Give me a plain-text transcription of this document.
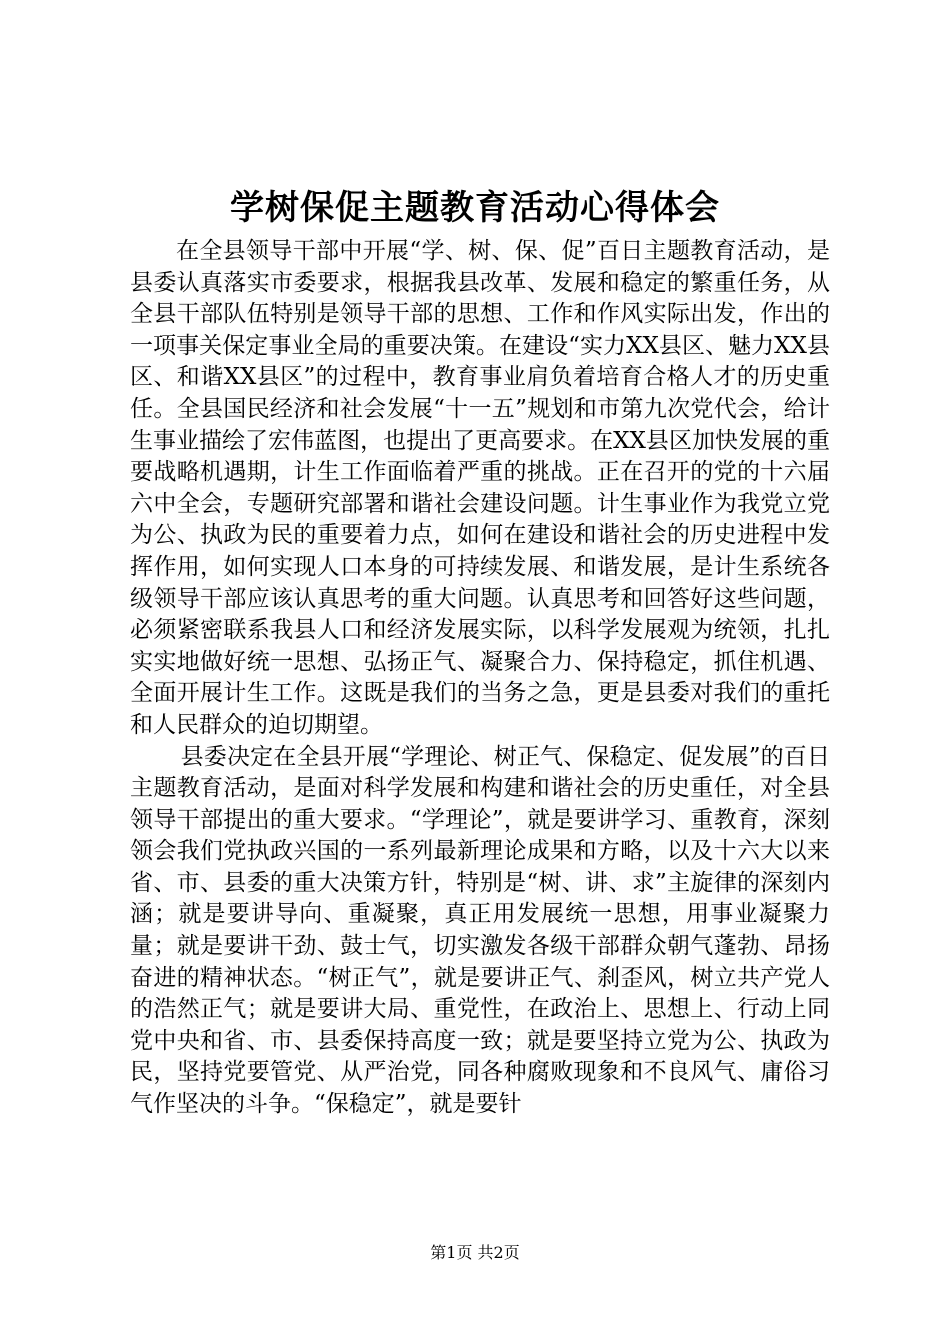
学树保促主题教育活动心得体会

在全县领导干部中开展“学、树、保、促”百日主题教育活动，是县委认真落实市委要求，根据我县改革、发展和稳定的繁重任务，从全县干部队伍特别是领导干部的思想、工作和作风实际出发，作出的一项事关保定事业全局的重要决策。在建设“实力XX县区、魅力XX县区、和谐XX县区”的过程中，教育事业肩负着培育合格人才的历史重任。全县国民经济和社会发展“十一五”规划和市第九次党代会，给计生事业描绘了宏伟蓝图，也提出了更高要求。在XX县区加快发展的重要战略机遇期，计生工作面临着严重的挑战。正在召开的党的十六届六中全会，专题研究部署和谐社会建设问题。计生事业作为我党立党为公、执政为民的重要着力点，如何在建设和谐社会的历史进程中发挥作用，如何实现人口本身的可持续发展、和谐发展，是计生系统各级领导干部应该认真思考的重大问题。认真思考和回答好这些问题，必须紧密联系我县人口和经济发展实际，以科学发展观为统领，扎扎实实地做好统一思想、弘扬正气、凝聚合力、保持稳定，抓住机遇、全面开展计生工作。这既是我们的当务之急，更是县委对我们的重托和人民群众的迫切期望。

县委决定在全县开展“学理论、树正气、保稳定、促发展”的百日主题教育活动，是面对科学发展和构建和谐社会的历史重任，对全县领导干部提出的重大要求。“学理论”，就是要讲学习、重教育，深刻领会我们党执政兴国的一系列最新理论成果和方略，以及十六大以来省、市、县委的重大决策方针，特别是“树、讲、求”主旋律的深刻内涵；就是要讲导向、重凝聚，真正用发展统一思想，用事业凝聚力量；就是要讲干劲、鼓士气，切实激发各级干部群众朝气蓬勃、昂扬奋进的精神状态。“树正气”，就是要讲正气、刹歪风，树立共产党人的浩然正气；就是要讲大局、重党性，在政治上、思想上、行动上同党中央和省、市、县委保持高度一致；就是要坚持立党为公、执政为民，坚持党要管党、从严治党，同各种腐败现象和不良风气、庸俗习气作坚决的斗争。“保稳定”，就是要针

第1页 共2页
